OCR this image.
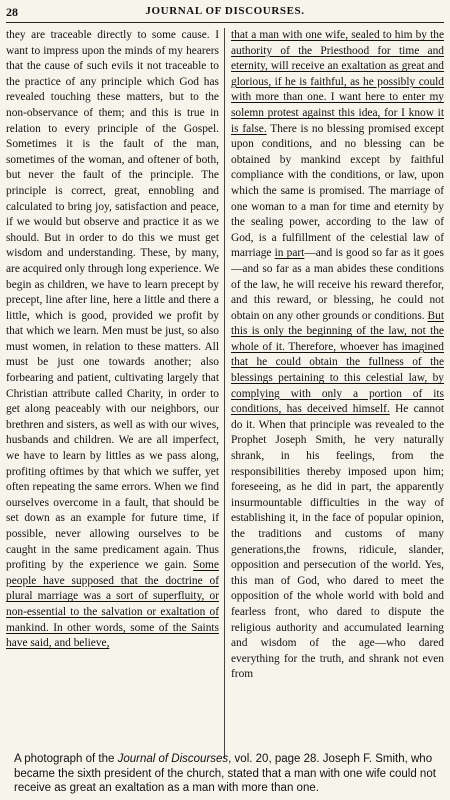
28	JOURNAL OF DISCOURSES.

they are traceable directly to some cause. I want to impress upon the minds of my hearers that the cause of such evils it not traceable to the practice of any principle which God has revealed touching these matters, but to the non-observance of them; and this is true in relation to every principle of the Gospel. Sometimes it is the fault of the man, sometimes of the woman, and oftener of both, but never the fault of the principle. The principle is correct, great, ennobling and calculated to bring joy, satisfaction and peace, if we would but observe and practice it as we should. But in order to do this we must get wisdom and understanding. These, by many, are acquired only through long experience. We begin as children, we have to learn precept by precept, line after line, here a little and there a little, which is good, provided we profit by that which we learn. Men must be just, so also must women, in relation to these matters. All must be just one towards another; also forbearing and patient, cultivating largely that Christian attribute called Charity, in order to get along peaceably with our neighbors, our brethren and sisters, as well as with our wives, husbands and children. We are all imperfect, we have to learn by littles as we pass along, profiting oftimes by that which we suffer, yet often repeating the same errors. When we find ourselves overcome in a fault, that should be set down as an example for future time, if possible, never allowing ourselves to be caught in the same predicament again. Thus profiting by the experience we gain. Some people have supposed that the doctrine of plural marriage was a sort of superfluity, or non-essential to the salvation or exaltation of mankind. In other words, some of the Saints have said, and believe,

that a man with one wife, sealed to him by the authority of the Priesthood for time and eternity, will receive an exaltation as great and glorious, if he is faithful, as he possibly could with more than one. I want here to enter my solemn protest against this idea, for I know it is false. There is no blessing promised except upon conditions, and no blessing can be obtained by mankind except by faithful compliance with the conditions, or law, upon which the same is promised. The marriage of one woman to a man for time and eternity by the sealing power, according to the law of God, is a fulfillment of the celestial law of marriage in part—and is good so far as it goes—and so far as a man abides these conditions of the law, he will receive his reward therefor, and this reward, or blessing, he could not obtain on any other grounds or conditions. But this is only the beginning of the law, not the whole of it. Therefore, whoever has imagined that he could obtain the fullness of the blessings pertaining to this celestial law, by complying with only a portion of its conditions, has deceived himself. He cannot do it. When that principle was revealed to the Prophet Joseph Smith, he very naturally shrank, in his feelings, from the responsibilities thereby imposed upon him; foreseeing, as he did in part, the apparently insurmountable difficulties in the way of establishing it, in the face of popular opinion, the traditions and customs of many generations,the frowns, ridicule, slander, opposition and persecution of the world. Yes, this man of God, who dared to meet the opposition of the whole world with bold and fearless front, who dared to dispute the religious authority and accumulated learning and wisdom of the age—who dared everything for the truth, and shrank not even from

A photograph of the Journal of Discourses, vol. 20, page 28. Joseph F. Smith, who became the sixth president of the church, stated that a man with one wife could not receive as great an exaltation as a man with more than one.
